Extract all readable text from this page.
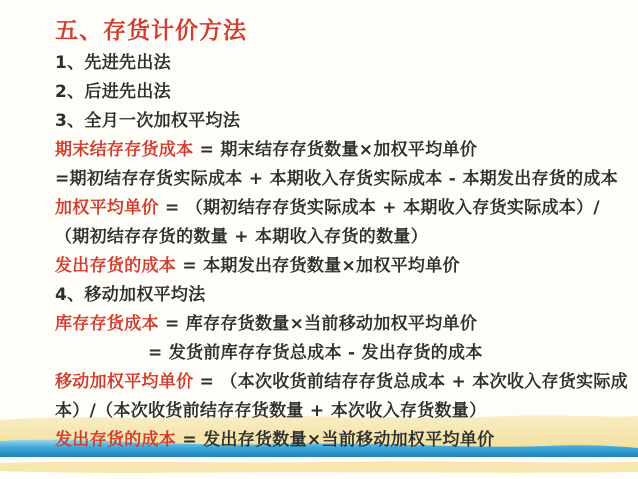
五、存货计价方法
1、先进先出法
2、后进先出法
3、全月一次加权平均法
期末结存存货成本 = 期末结存存货数量×加权平均单价
=期初结存存货实际成本 + 本期收入存货实际成本 - 本期发出存货的成本
加权平均单价 = （期初结存存货实际成本 + 本期收入存货实际成本）/
（期初结存存货的数量 + 本期收入存货的数量）
发出存货的成本 = 本期发出存货数量×加权平均单价
4、移动加权平均法
库存存货成本 = 库存存货数量×当前移动加权平均单价
= 发货前库存存货总成本 - 发出存货的成本
移动加权平均单价 = （本次收货前结存存货总成本 + 本次收入存货实际成
本）/（本次收货前结存存货数量 + 本次收入存货数量）
发出存货的成本 = 发出存货数量×当前移动加权平均单价
